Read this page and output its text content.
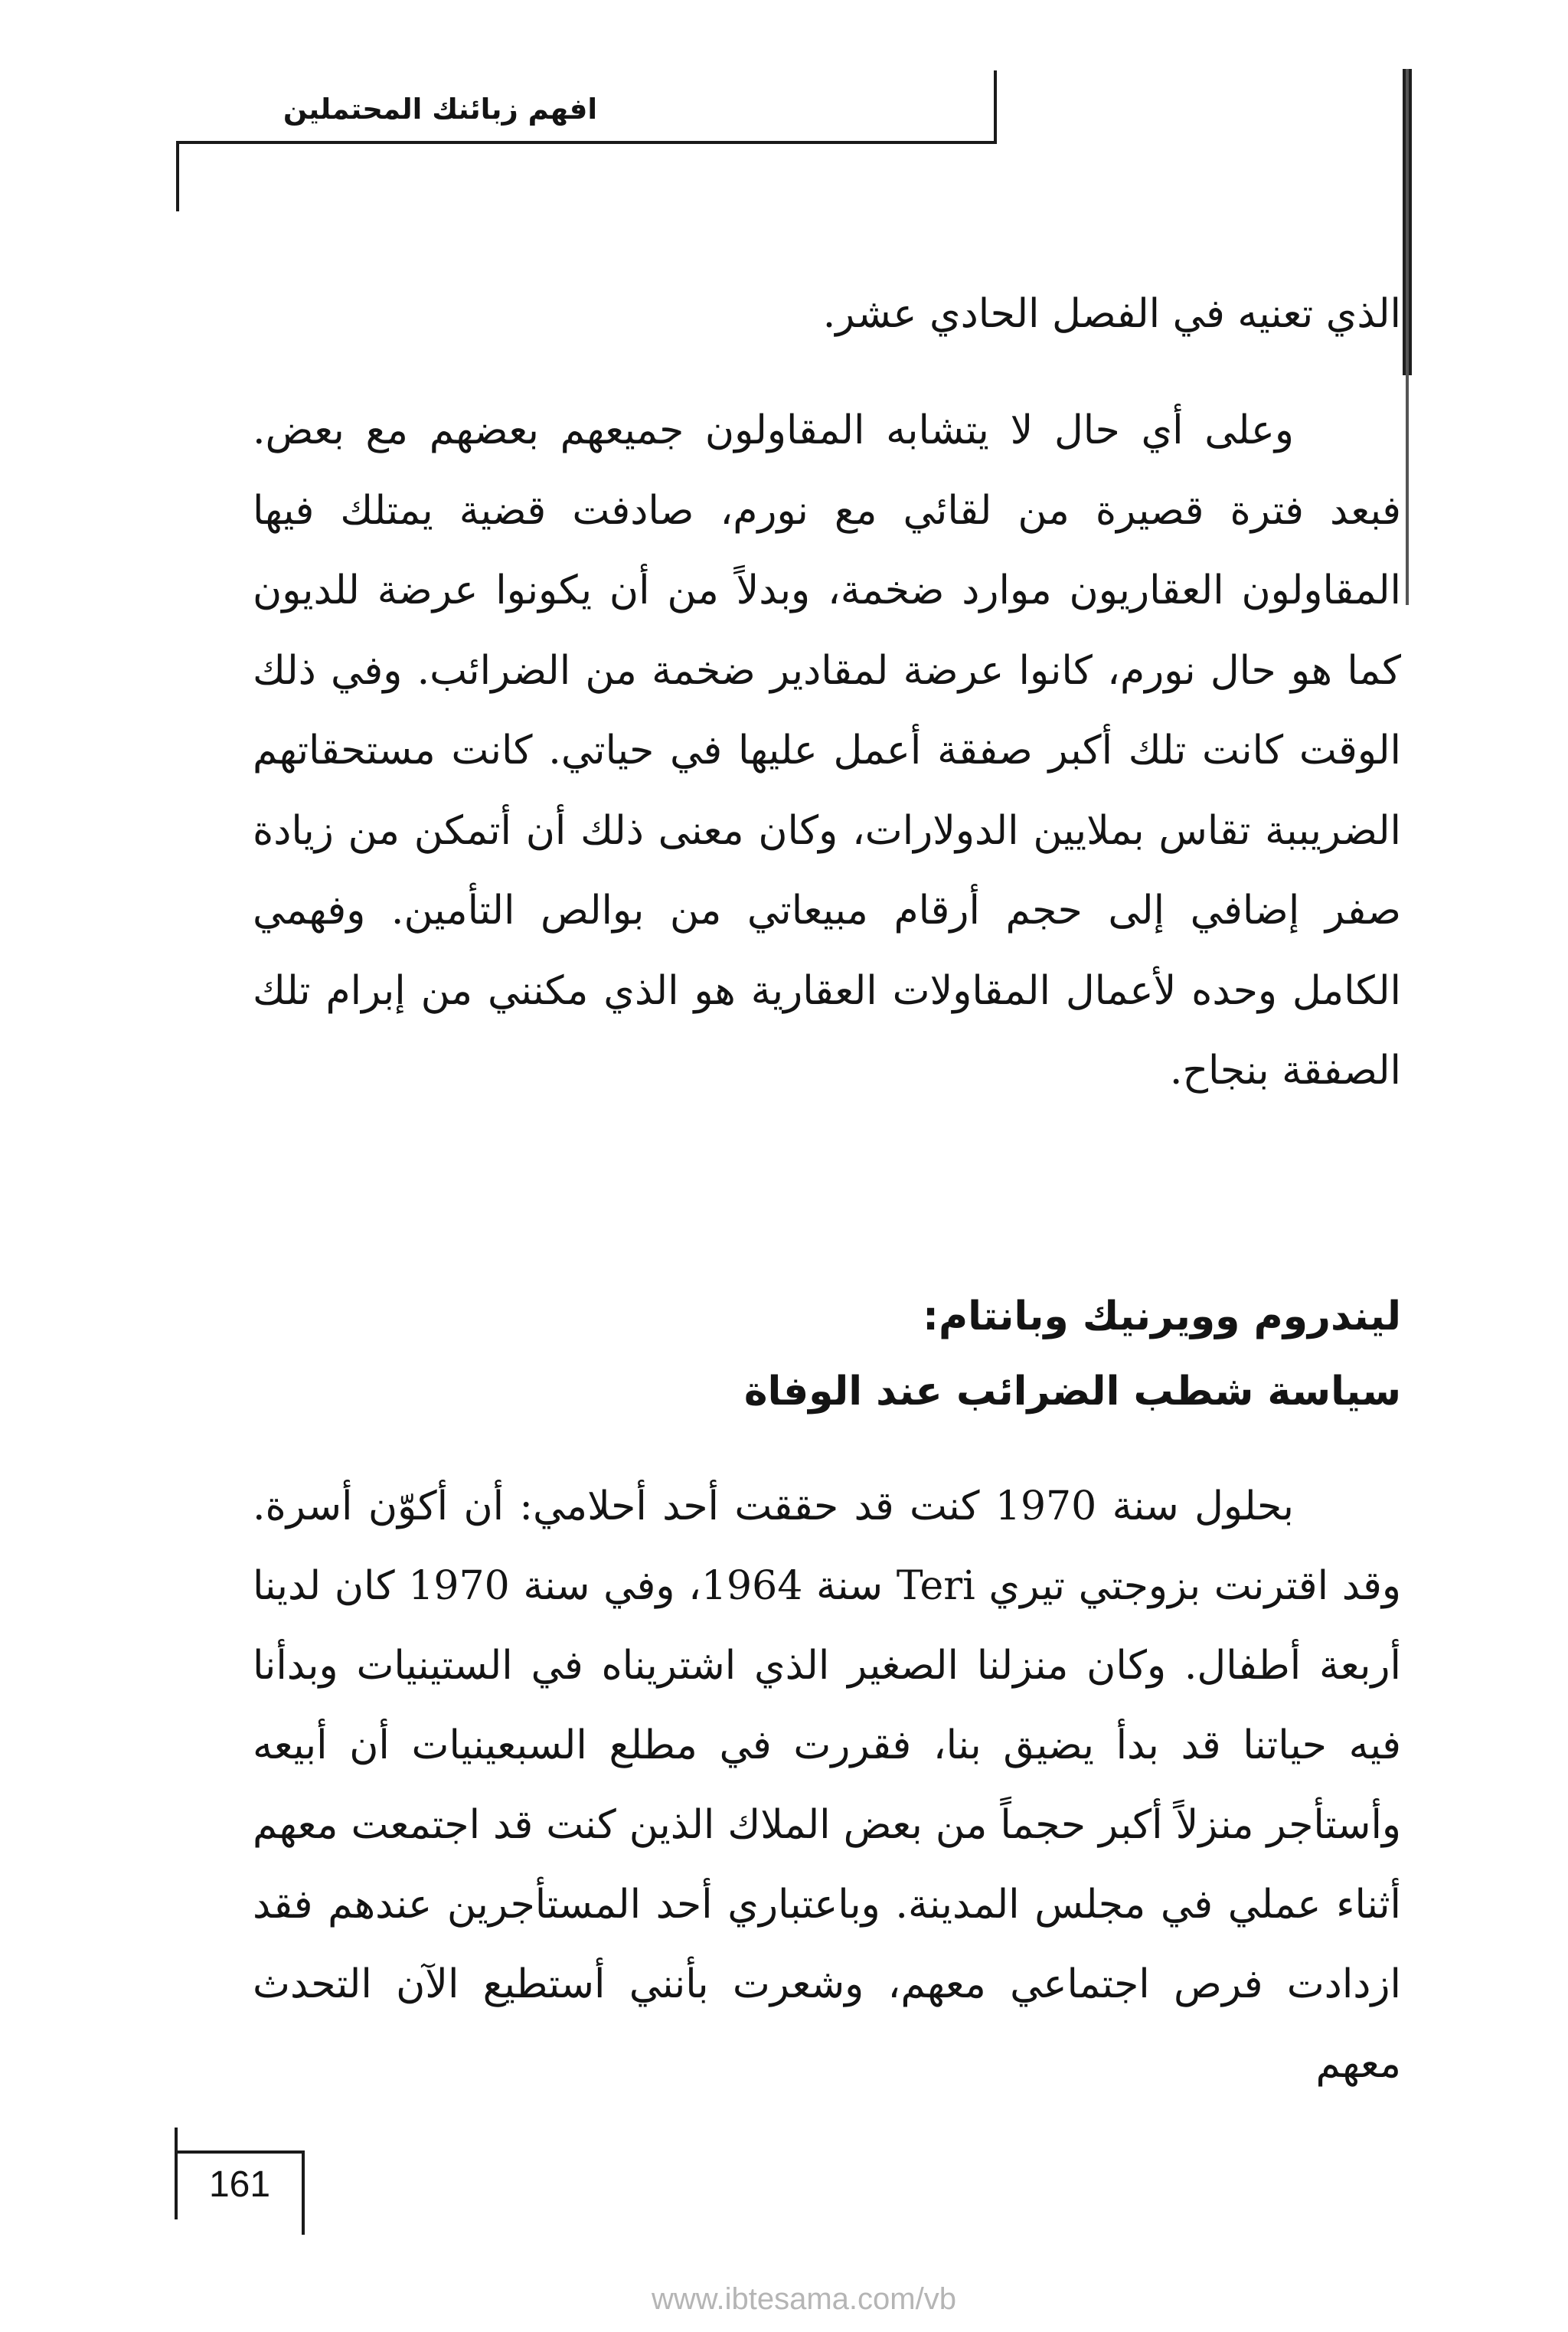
افهم زبائنك المحتملين

الذي تعنيه في الفصل الحادي عشر.

وعلى أي حال لا يتشابه المقاولون جميعهم بعضهم مع بعض. فبعد فترة قصيرة من لقائي مع نورم، صادفت قضية يمتلك فيها المقاولون العقاريون موارد ضخمة، وبدلاً من أن يكونوا عرضة للديون كما هو حال نورم، كانوا عرضة لمقادير ضخمة من الضرائب. وفي ذلك الوقت كانت تلك أكبر صفقة أعمل عليها في حياتي. كانت مستحقاتهم الضريببة تقاس بملايين الدولارات، وكان معنى ذلك أن أتمكن من زيادة صفر إضافي إلى حجم أرقام مبيعاتي من بوالص التأمين. وفهمي الكامل وحده لأعمال المقاولات العقارية هو الذي مكنني من إبرام تلك الصفقة بنجاح.

ليندروم وويرنيك وبانتام:
سياسة شطب الضرائب عند الوفاة

بحلول سنة 1970 كنت قد حققت أحد أحلامي: أن أكوّن أسرة. وقد اقترنت بزوجتي تيري Teri سنة 1964، وفي سنة 1970 كان لدينا أربعة أطفال. وكان منزلنا الصغير الذي اشتريناه في الستينيات وبدأنا فيه حياتنا قد بدأ يضيق بنا، فقررت في مطلع السبعينيات أن أبيعه وأستأجر منزلاً أكبر حجماً من بعض الملاك الذين كنت قد اجتمعت معهم أثناء عملي في مجلس المدينة. وباعتباري أحد المستأجرين عندهم فقد ازدادت فرص اجتماعي معهم، وشعرت بأنني أستطيع الآن التحدث معهم

161
www.ibtesama.com/vb
